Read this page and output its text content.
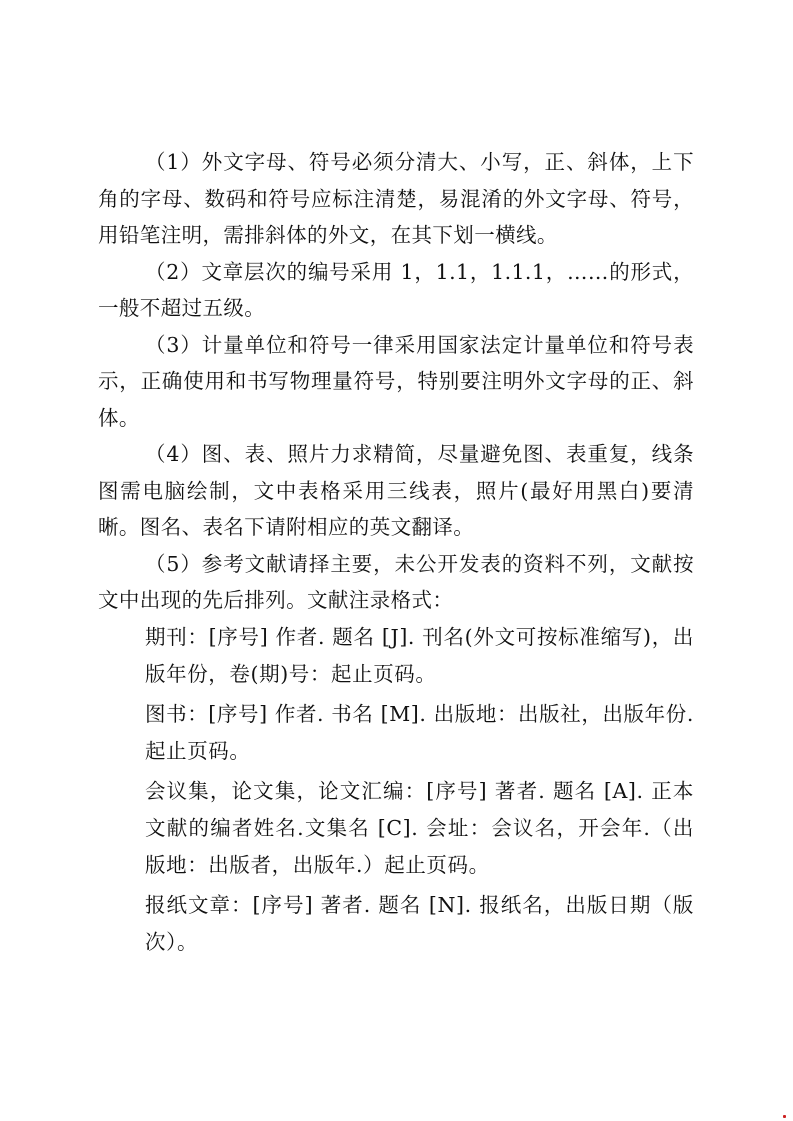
（1）外文字母、符号必须分清大、小写，正、斜体，上下角的字母、数码和符号应标注清楚，易混淆的外文字母、符号，用铅笔注明，需排斜体的外文，在其下划一横线。

（2）文章层次的编号采用 1，1.1，1.1.1，……的形式，一般不超过五级。

（3）计量单位和符号一律采用国家法定计量单位和符号表示，正确使用和书写物理量符号，特别要注明外文字母的正、斜体。

（4）图、表、照片力求精简，尽量避免图、表重复，线条图需电脑绘制，文中表格采用三线表，照片(最好用黑白)要清晰。图名、表名下请附相应的英文翻译。

（5）参考文献请择主要，未公开发表的资料不列，文献按文中出现的先后排列。文献注录格式：

期刊：[序号] 作者. 题名 [J]. 刊名(外文可按标准缩写)，出版年份，卷(期)号：起止页码。

图书：[序号] 作者. 书名 [M]. 出版地：出版社，出版年份.起止页码。

会议集，论文集，论文汇编：[序号] 著者. 题名 [A]. 正本文献的编者姓名.文集名 [C]. 会址：会议名，开会年.（出版地：出版者，出版年.）起止页码。

报纸文章：[序号] 著者. 题名 [N]. 报纸名，出版日期（版次）。
